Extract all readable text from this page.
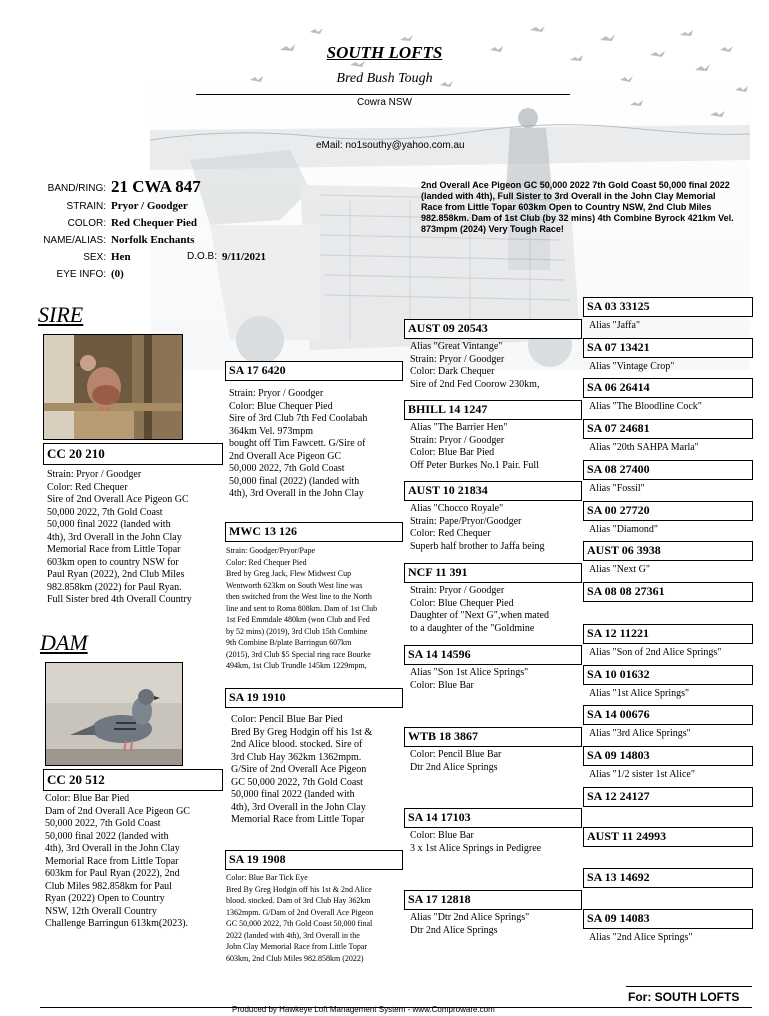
SOUTH LOFTS
Bred Bush Tough
Cowra NSW
eMail: no1southy@yahoo.com.au
BAND/RING: 21 CWA 847
STRAIN: Pryor / Goodger
COLOR: Red Chequer Pied
NAME/ALIAS: Norfolk Enchants
SEX: Hen	D.O.B: 9/11/2021
EYE INFO: (0)
2nd Overall Ace Pigeon GC 50,000 2022 7th Gold Coast 50,000 final 2022 (landed with 4th), Full Sister to 3rd Overall in the John Clay Memorial Race from Little Topar 603km Open to Country NSW, 2nd Club Miles 982.858km. Dam of 1st Club (by 32 mins) 4th Combine Byrock 421km Vel. 873mpm (2024) Very Tough Race!
SIRE
CC 20 210
Strain: Pryor / Goodger
Color: Red Chequer
Sire of 2nd Overall Ace Pigeon GC
50,000 2022, 7th Gold Coast
50,000 final 2022 (landed with
4th), 3rd Overall in the John Clay
Memorial Race from Little Topar
603km open to country NSW for
Paul Ryan (2022), 2nd Club Miles
982.858km (2022) for Paul Ryan.
Full Sister bred 4th Overall Country
DAM
CC 20 512
Color: Blue Bar Pied
Dam of 2nd Overall Ace Pigeon GC
50,000 2022, 7th Gold Coast
50,000 final 2022 (landed with
4th), 3rd Overall in the John Clay
Memorial Race from Little Topar
603km for Paul Ryan (2022), 2nd
Club Miles 982.858km for Paul
Ryan (2022) Open to Country
NSW, 12th Overall Country
Challenge Barringun 613km(2023).
SA 17 6420
Strain: Pryor / Goodger
Color: Blue Chequer Pied
Sire of 3rd Club 7th Fed Coolabah
364km Vel. 973mpm
bought off Tim Fawcett. G/Sire of
2nd Overall Ace Pigeon GC
50,000 2022, 7th Gold Coast
50,000 final (2022) (landed with
4th), 3rd Overall in the John Clay
MWC 13 126
Strain: Goodger/Pryor/Pape
Color: Red Chequer Pied
Bred by Greg Jack, Flew Midwest Cup
Wentworth 623km on South West line was
then switched from the West line to the North
line and sent to Roma 808km. Dam of 1st Club
1st Fed Emmdale 480km (won Club and Fed
by 52 mins) (2019), 3rd Club 15th Combine
9th Combine B/plate Barringun 607km
(2015), 3rd Club $5 Special ring race Bourke
494km, 1st Club Trundle 145km 1229mpm,
SA 19 1910
Color: Pencil Blue Bar Pied
Bred By Greg Hodgin off his 1st &
2nd Alice blood. stocked. Sire of
3rd Club Hay 362km 1362mpm.
G/Sire of 2nd Overall Ace Pigeon
GC 50,000 2022, 7th Gold Coast
50,000 final 2022 (landed with
4th), 3rd Overall in the John Clay
Memorial Race from Little Topar
SA 19 1908
Color: Blue Bar Tick Eye
Bred By Greg Hodgin off his 1st & 2nd Alice
blood. stocked. Dam of 3rd Club Hay 362km
1362mpm. G/Dam of 2nd Overall Ace Pigeon
GC 50,000 2022, 7th Gold Coast 50,000 final
2022 (landed with 4th), 3rd Overall in the
John Clay Memorial Race from Little Topar
603km, 2nd Club Miles 982.858km (2022)
AUST 09 20543
Alias "Great Vintange"
Strain: Pryor / Goodger
Color: Dark Chequer
Sire of 2nd Fed Coorow 230km,
BHILL 14 1247
Alias "The Barrier Hen"
Strain: Pryor / Goodger
Color: Blue Bar Pied
Off Peter Burkes No.1 Pair. Full
AUST 10 21834
Alias "Chocco Royale"
Strain: Pape/Pryor/Goodger
Color: Red Chequer
Superb half brother to Jaffa being
NCF 11 391
Strain: Pryor / Goodger
Color: Blue Chequer Pied
Daughter of "Next G",when mated
to a daughter of the "Goldmine
SA 14 14596
Alias "Son 1st Alice Springs"
Color: Blue Bar
WTB 18 3867
Color: Pencil Blue Bar
Dtr 2nd Alice Springs
SA 14 17103
Color: Blue Bar
3 x 1st Alice Springs in Pedigree
SA 17 12818
Alias "Dtr 2nd Alice Springs"
Dtr 2nd Alice Springs
SA 03 33125
Alias "Jaffa"
SA 07 13421
Alias "Vintage Crop"
SA 06 26414
Alias "The Bloodline Cock"
SA 07 24681
Alias "20th SAHPA Marla"
SA 08 27400
Alias "Fossil"
SA 00 27720
Alias "Diamond"
AUST 06 3938
Alias "Next G"
SA 08 08 27361
SA 12 11221
Alias "Son of 2nd Alice Springs"
SA 10 01632
Alias "1st Alice Springs"
SA 14 00676
Alias "3rd Alice Springs"
SA 09 14803
Alias "1/2 sister 1st Alice"
SA 12 24127
AUST 11 24993
SA 13 14692
SA 09 14083
Alias "2nd Alice Springs"
For: SOUTH LOFTS
Produced by Hawkeye Loft Management System - www.Comproware.com
